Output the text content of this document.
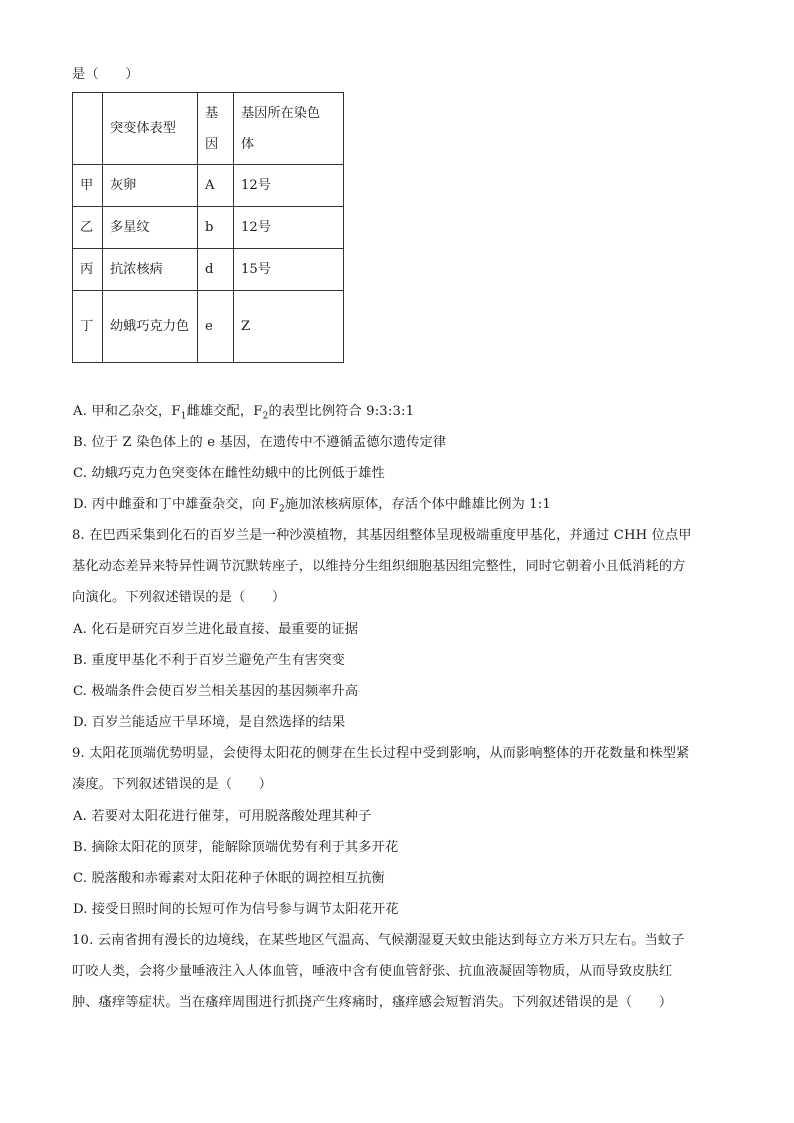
是（　　）
	突变体表型	基因	基因所在染色体

甲	灰卵	A	12号
乙	多星纹	b	12号
丙	抗浓核病	d	15号
丁	幼蛾巧克力色	e	Z
A. 甲和乙杂交，$F_1$雌雄交配，$F_2$的表型比例符合 9:3:3:1
B. 位于 Z 染色体上的 e 基因，在遗传中不遵循孟德尔遗传定律
C. 幼蛾巧克力色突变体在雌性幼蛾中的比例低于雄性
D. 丙中雌蚕和丁中雄蚕杂交，向 $F_2$施加浓核病原体，存活个体中雌雄比例为 1:1
8. 在巴西采集到化石的百岁兰是一种沙漠植物，其基因组整体呈现极端重度甲基化，并通过 CHH 位点甲
基化动态差异来特异性调节沉默转座子，以维持分生组织细胞基因组完整性，同时它朝着小且低消耗的方
向演化。下列叙述错误的是（　　）
A. 化石是研究百岁兰进化最直接、最重要的证据
B. 重度甲基化不利于百岁兰避免产生有害突变
C. 极端条件会使百岁兰相关基因的基因频率升高
D. 百岁兰能适应干旱环境，是自然选择的结果
9. 太阳花顶端优势明显，会使得太阳花的侧芽在生长过程中受到影响，从而影响整体的开花数量和株型紧
凑度。下列叙述错误的是（　　）
A. 若要对太阳花进行催芽，可用脱落酸处理其种子
B. 摘除太阳花的顶芽，能解除顶端优势有利于其多开花
C. 脱落酸和赤霉素对太阳花种子休眠的调控相互抗衡
D. 接受日照时间的长短可作为信号参与调节太阳花开花
10. 云南省拥有漫长的边境线，在某些地区气温高、气候潮湿夏天蚊虫能达到每立方米万只左右。当蚊子
叮咬人类，会将少量唾液注入人体血管，唾液中含有使血管舒张、抗血液凝固等物质，从而导致皮肤红
肿、瘙痒等症状。当在瘙痒周围进行抓挠产生疼痛时，瘙痒感会短暂消失。下列叙述错误的是（　　）
